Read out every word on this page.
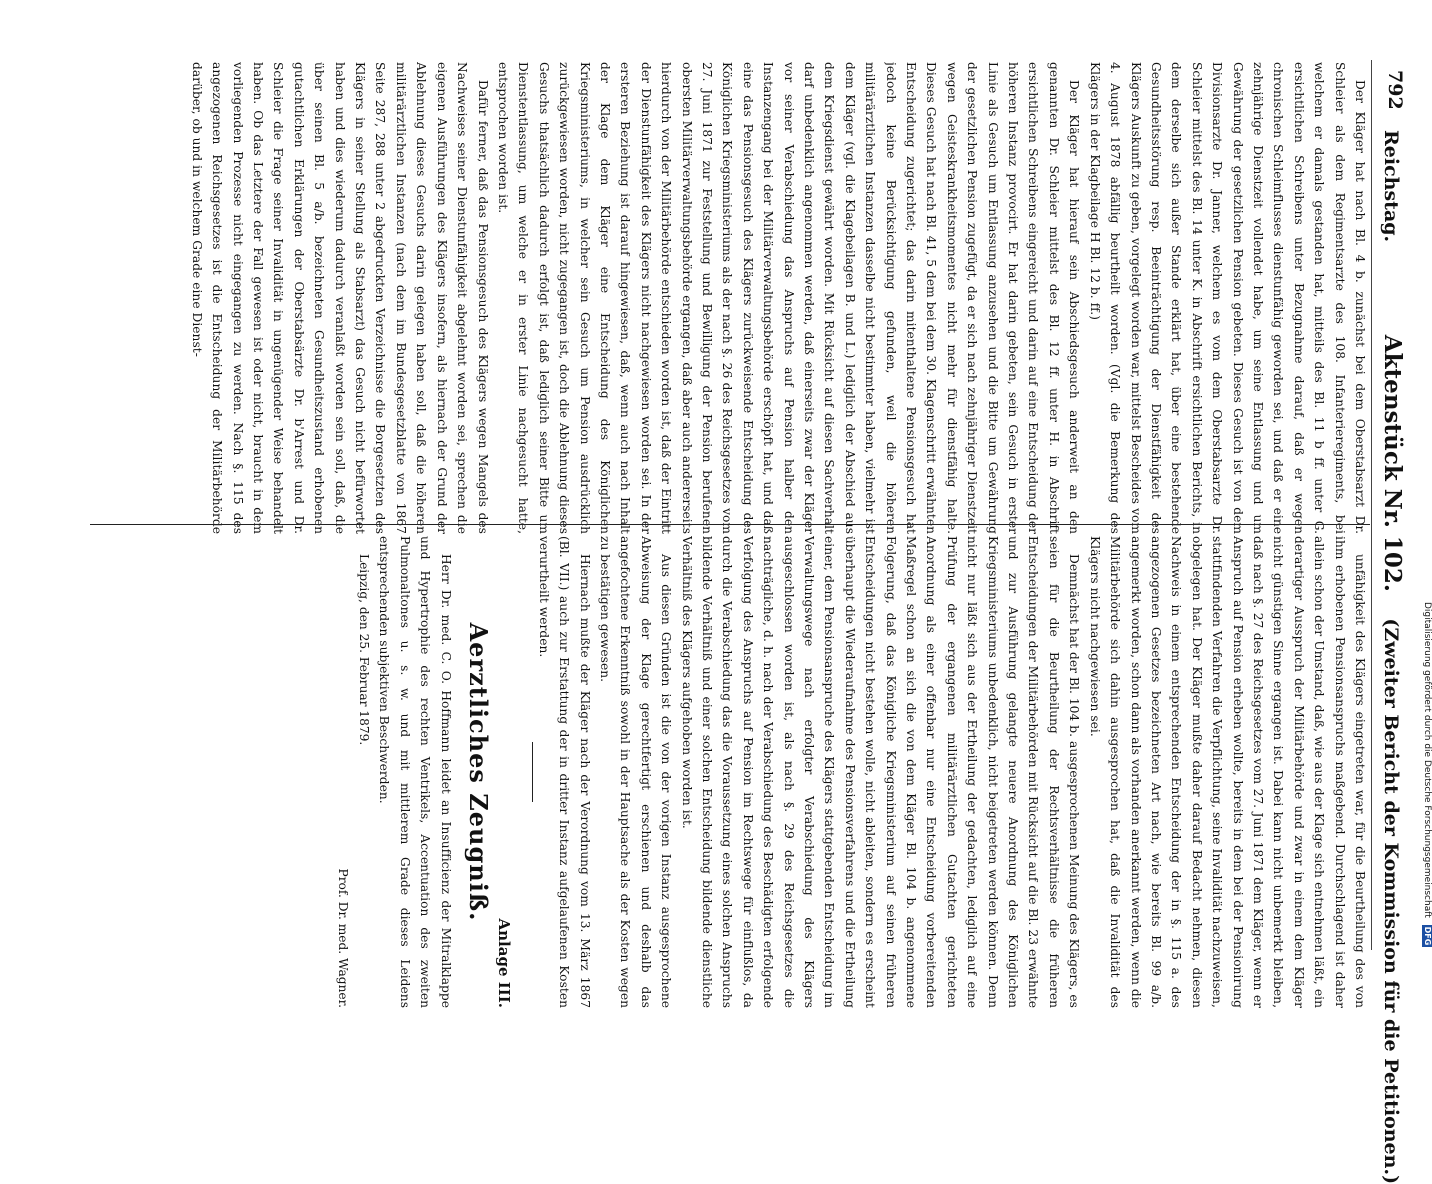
792
Reichstag.              Aktenstück Nr. 102.    (Zweiter Bericht der Kommission für die Petitionen.)

Der Kläger hat nach Bl. 4 b. zunächst bei dem Oberstabsarzt Dr. Schleier als dem Regimentsarzte des 108. Infanterieregiments, bei welchem er damals gestanden hat, mitteils des Bl. 11 b ff. unter G. ersichtlichen Schreibens unter Bezugnahme darauf, daß er wegen chronischen Schleimflusses dienstunfähig geworden sei, und daß er eine zehnjährige Dienstzeit vollendet habe, um seine Entlassung und um Gewährung der gesetzlichen Pension gebeten. Dieses Gesuch ist von dem Divisionsarzte Dr. Janner, welchem es vom dem Oberstabsarzte Dr. Schleier mittelst des Bl. 14 unter K. in Abschrift ersichtlichen Berichts, in dem derselbe sich außer Stande erklärt hat, über eine bestehende Gesundheitsstörung resp. Beeinträchtigung der Dienstfähigkeit des Klägers Auskunft zu geben, vorgelegt worden war, mittelst Bescheides vom 4. August 1878 abfällig beurtheilt worden. (Vgl. die Bemerkung des Klägers in der Klagbeilage H Bl. 12 b. ff.)

Der Kläger hat hierauf sein Abschiedsgesuch anderweit an den genannten Dr. Schleier mittelst des Bl. 12 ff. unter H. in Abschrift ersichtlichen Schreibens eingereicht und darin auf eine Entscheidung der höheren Instanz provocirt. Er hat darin gebeten, sein Gesuch in erster Linie als Gesuch um Entlassung anzusehen und die Bitte um Gewährung der gesetzlichen Pension zugefügt, da er sich nach zehnjähriger Dienstzeit wegen Geisteskrankheitsmomentes nicht mehr für dienstfähig halte. Dieses Gesuch hat nach Bl. 41, 5 dem bei dem 30. Klagenschritt erwähnten Entscheidung zugerichtet; das darin mitenthaltene Pensionsgesuch hat jedoch keine Berücksichtigung gefunden, weil die höheren militärärztlichen Instanzen dasselbe nicht bestimmter haben, vielmehr ist dem Kläger (vgl. die Klagebeilagen B. und L.) lediglich der Abschied aus dem Kriegsdienst gewährt worden. Mit Rücksicht auf diesen Sachverhalt darf unbedenklich angenommen werden, daß einerseits zwar der Kläger vor seiner Verabschiedung das Anspruchs auf Pension halber den Instanzengang bei der Militärverwaltungsbehörde erschöpft hat, und daß eine das Pensionsgesuch des Klägers zurückweisende Entscheidung des Königlichen Kriegsministeriums als der nach §. 26 des Reichsgesetzes vom 27. Juni 1871 zur Feststellung und Bewilligung der Pension berufenen obersten Militärverwaltungsbehörde ergangen, daß aber auch andererseits hierdurch von der Militärbehörde entschieden worden ist, daß der Eintritt der Dienstunfähigkeit des Klägers nicht nachgewiesen worden sei. In der ersteren Beziehung ist darauf hingewiesen, daß, wenn auch nach Inhalt der Klage dem Kläger eine Entscheidung des Königlichen Kriegsministeriums, in welcher sein Gesuch um Pension ausdrücklich zurückgewiesen worden, nicht zugegangen ist, doch die Ablehnung dieses Gesuchs thatsächlich dadurch erfolgt ist, daß lediglich seiner Bitte um Dienstentlassung, um welche er in erster Linie nachgesucht hatte, entsprochen worden ist.

Dafür ferner, daß das Pensionsgesuch des Klägers wegen Mangels des Nachweises seiner Dienstunfähigkeit abgelehnt worden sei, sprechen die eigenen Ausführungen des Klägers insofern, als hiernach der Grund der Ablehnung dieses Gesuchs darin gelegen haben soll, daß die höheren militärärztlichen Instanzen (nach dem im Bundesgesetzblatte von 1867 Seite 287, 288 unter 2 abgedruckten Verzeichnisse die Borgesetzten des Klägers in seiner Stellung als Stabsarzt) das Gesuch nicht befürwortet haben und dies wiederum dadurch veranlaßt worden sein soll, daß, die über seinen Bl. 5 a/b. bezeichneten Gesundheitszustand erhobenen gutachtlichen Erklärungen der Oberstabsärzte Dr. b'Arrest und Dr. Schleier die Frage seiner Invalidität in ungenügender Weise behandelt haben. Ob das Letztere der Fall gewesen ist oder nicht, braucht in dem vorliegenden Prozesse nicht eingegangen zu werden. Nach §. 115 des angezogenen Reichsgesetzes ist die Entscheidung der Militärbehörde darüber, ob und in welchem Grade eine Dienst-

unfähigkeit des Klägers eingetreten war, für die Beurtheilung des von ihm erhobenen Pensionsanspruchs maßgebend. Durchschlagend ist daher allein schon der Umstand, daß, wie aus der Klage sich entnehmen läßt, ein derartiger Ausspruch der Militärbehörde und zwar in einem dem Kläger nicht günstigen Sinne ergangen ist. Dabei kann nicht unbemerkt bleiben, daß nach §. 27 des Reichsgesetzes vom 27. Juni 1871 dem Kläger, wenn er Anspruch auf Pension erheben wollte, bereits in dem bei der Pensionirung stattfindenden Verfahren die Verpflichtung, seine Invalidität nachzuweisen, obgelegen hat. Der Kläger mußte daher darauf Bedacht nehmen, diesen Nachweis in einem entsprechenden Entscheidung der in §. 115 a. des angezogenen Gesetzes bezeichneten Art nach, wie bereits Bl. 99 a/b. angemerkt worden, schon dann als vorhanden anerkannt werden, wenn die Militärbehörde sich dahin ausgesprochen hat, daß die Invalidität des Klägers nicht nachgewiesen sei.

Demnächst hat der Bl. 104 b. ausgesprochenen Meinung des Klägers, es seien für die Beurtheilung der Rechtsverhältnisse die früheren Entscheidungen der Militärbehörden mit Rücksicht auf die Bl. 23 erwähnte und zur Ausführung gelangte neuere Anordnung des Königlichen Kriegsministeriums unbedenklich, nicht beigetreten werden können. Denn nicht nur läßt sich aus der Ertheilung der gedachten, lediglich auf eine Prüfung der ergangenen militärärztlichen Gutachten gerichteten Anordnung als einer offenbar nur eine Entscheidung vorbereitenden Maßregel schon an sich die von dem Kläger Bl. 104 b. angenommene Folgerung, daß das Königliche Kriegsministerium auf seinen früheren Entscheidungen nicht bestehen wolle, nicht ableiten, sondern es erscheint überhaupt die Wiederaufnahme des Pensionsverfahrens und die Ertheilung einer, dem Pensionsanspruche des Klägers stattgebenden Entscheidung im Verwaltungswege nach erfolgter Verabschiedung des Klägers ausgeschlossen worden ist, als nach §. 29 des Reichsgesetzes die nachträgliche, d. h. nach der Verabschiedung des Beschädigten erfolgende Verfolgung des Anspruchs auf Pension im Rechtswege für einflußlos, da durch die Verabschiedung das die Voraussetzung eines solchen Anspruchs bildende Verhältniß und einer solchen Entscheidung bildende dienstliche Verhältniß des Klägers aufgehoben worden ist.

Aus diesen Gründen ist die von der vorigen Instanz ausgesprochene Abweisung der Klage gerechtfertigt erschienen und deshalb das angefochtene Erkenntniß sowohl in der Hauptsache als der Kosten wegen zu bestätigen gewesen.

Hiernach mußte der Kläger nach der Verordnung vom 13. März 1867 (Bl. VII.) auch zur Erstattung der in dritter Instanz aufgelaufenen Kosten verurtheilt werden.

Anlage III.
Aerztliches Zeugniß.

Herr Dr. med. C. O. Hoffmann leidet an Insufficienz der Mitralklappe und Hypertrophie des rechten Ventrikels, Accentuation des zweiten Pulmonaltones u. s. w. und mit mittlerem Grade dieses Leidens entsprechenden subjektiven Beschwerden.

Leipzig, den 25. Februar 1879.

Prof. Dr. med. Wagner.

Digitalisierung gefördert durch die Deutsche Forschungsgemeinschaft DFG
